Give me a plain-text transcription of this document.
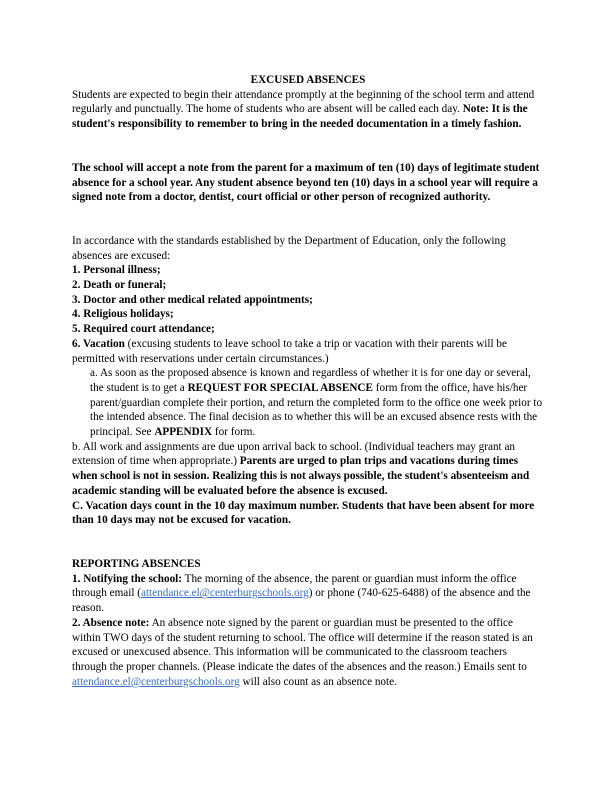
EXCUSED ABSENCES

Students are expected to begin their attendance promptly at the beginning of the school term and attend regularly and punctually. The home of students who are absent will be called each day. Note: It is the student's responsibility to remember to bring in the needed documentation in a timely fashion.

The school will accept a note from the parent for a maximum of ten (10) days of legitimate student absence for a school year. Any student absence beyond ten (10) days in a school year will require a signed note from a doctor, dentist, court official or other person of recognized authority.

In accordance with the standards established by the Department of Education, only the following absences are excused:

1. Personal illness;

2. Death or funeral;

3. Doctor and other medical related appointments;

4. Religious holidays;

5. Required court attendance;

6. Vacation (excusing students to leave school to take a trip or vacation with their parents will be permitted with reservations under certain circumstances.)

a. As soon as the proposed absence is known and regardless of whether it is for one day or several, the student is to get a REQUEST FOR SPECIAL ABSENCE form from the office, have his/her parent/guardian complete their portion, and return the completed form to the office one week prior to the intended absence. The final decision as to whether this will be an excused absence rests with the principal. See APPENDIX for form.

b. All work and assignments are due upon arrival back to school. (Individual teachers may grant an extension of time when appropriate.) Parents are urged to plan trips and vacations during times when school is not in session. Realizing this is not always possible, the student's absenteeism and academic standing will be evaluated before the absence is excused.

C. Vacation days count in the 10 day maximum number. Students that have been absent for more than 10 days may not be excused for vacation.

REPORTING ABSENCES

1. Notifying the school: The morning of the absence, the parent or guardian must inform the office through email (attendance.el@centerburgschools.org) or phone (740-625-6488) of the absence and the reason.

2. Absence note: An absence note signed by the parent or guardian must be presented to the office within TWO days of the student returning to school. The office will determine if the reason stated is an excused or unexcused absence. This information will be communicated to the classroom teachers through the proper channels. (Please indicate the dates of the absences and the reason.) Emails sent to attendance.el@centerburgschools.org will also count as an absence note.
